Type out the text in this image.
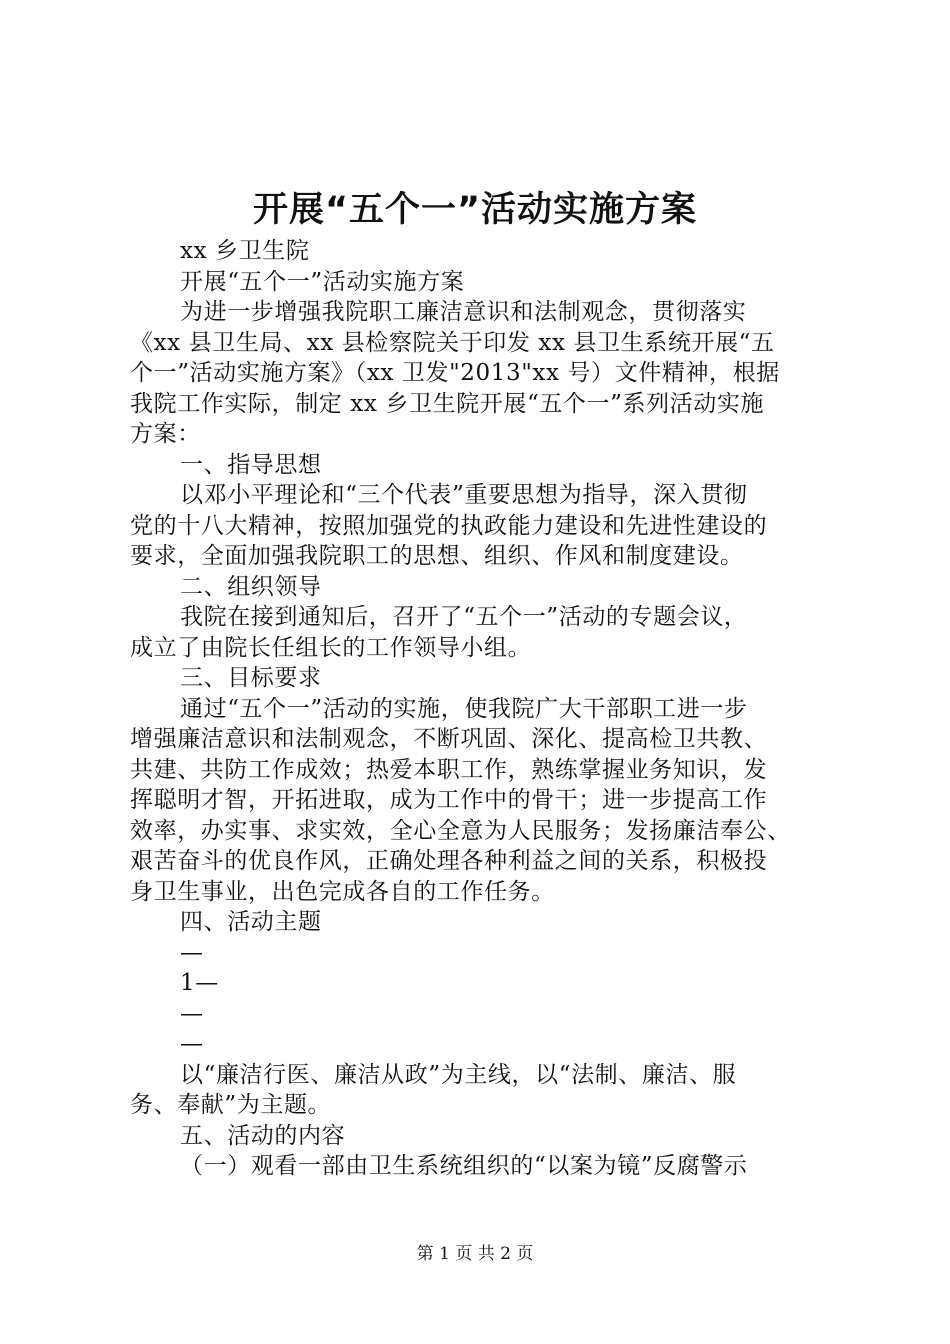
开展“五个一”活动实施方案
xx 乡卫生院
开展“五个一”活动实施方案
为进一步增强我院职工廉洁意识和法制观念，贯彻落实
《xx 县卫生局、xx 县检察院关于印发 xx 县卫生系统开展“五
个一”活动实施方案》（xx 卫发"2013"xx 号）文件精神，根据
我院工作实际，制定 xx 乡卫生院开展“五个一”系列活动实施
方案：
一、指导思想
以邓小平理论和“三个代表”重要思想为指导，深入贯彻
党的十八大精神，按照加强党的执政能力建设和先进性建设的
要求，全面加强我院职工的思想、组织、作风和制度建设。
二、组织领导
我院在接到通知后，召开了“五个一”活动的专题会议，
成立了由院长任组长的工作领导小组。
三、目标要求
通过“五个一”活动的实施，使我院广大干部职工进一步
增强廉洁意识和法制观念，不断巩固、深化、提高检卫共教、
共建、共防工作成效；热爱本职工作，熟练掌握业务知识，发
挥聪明才智，开拓进取，成为工作中的骨干；进一步提高工作
效率，办实事、求实效，全心全意为人民服务；发扬廉洁奉公、
艰苦奋斗的优良作风，正确处理各种利益之间的关系，积极投
身卫生事业，出色完成各自的工作任务。
四、活动主题
—
1—
—
—
以“廉洁行医、廉洁从政”为主线，以“法制、廉洁、服
务、奉献”为主题。
五、活动的内容
（一）观看一部由卫生系统组织的“以案为镜”反腐警示
第 1 页 共 2 页
